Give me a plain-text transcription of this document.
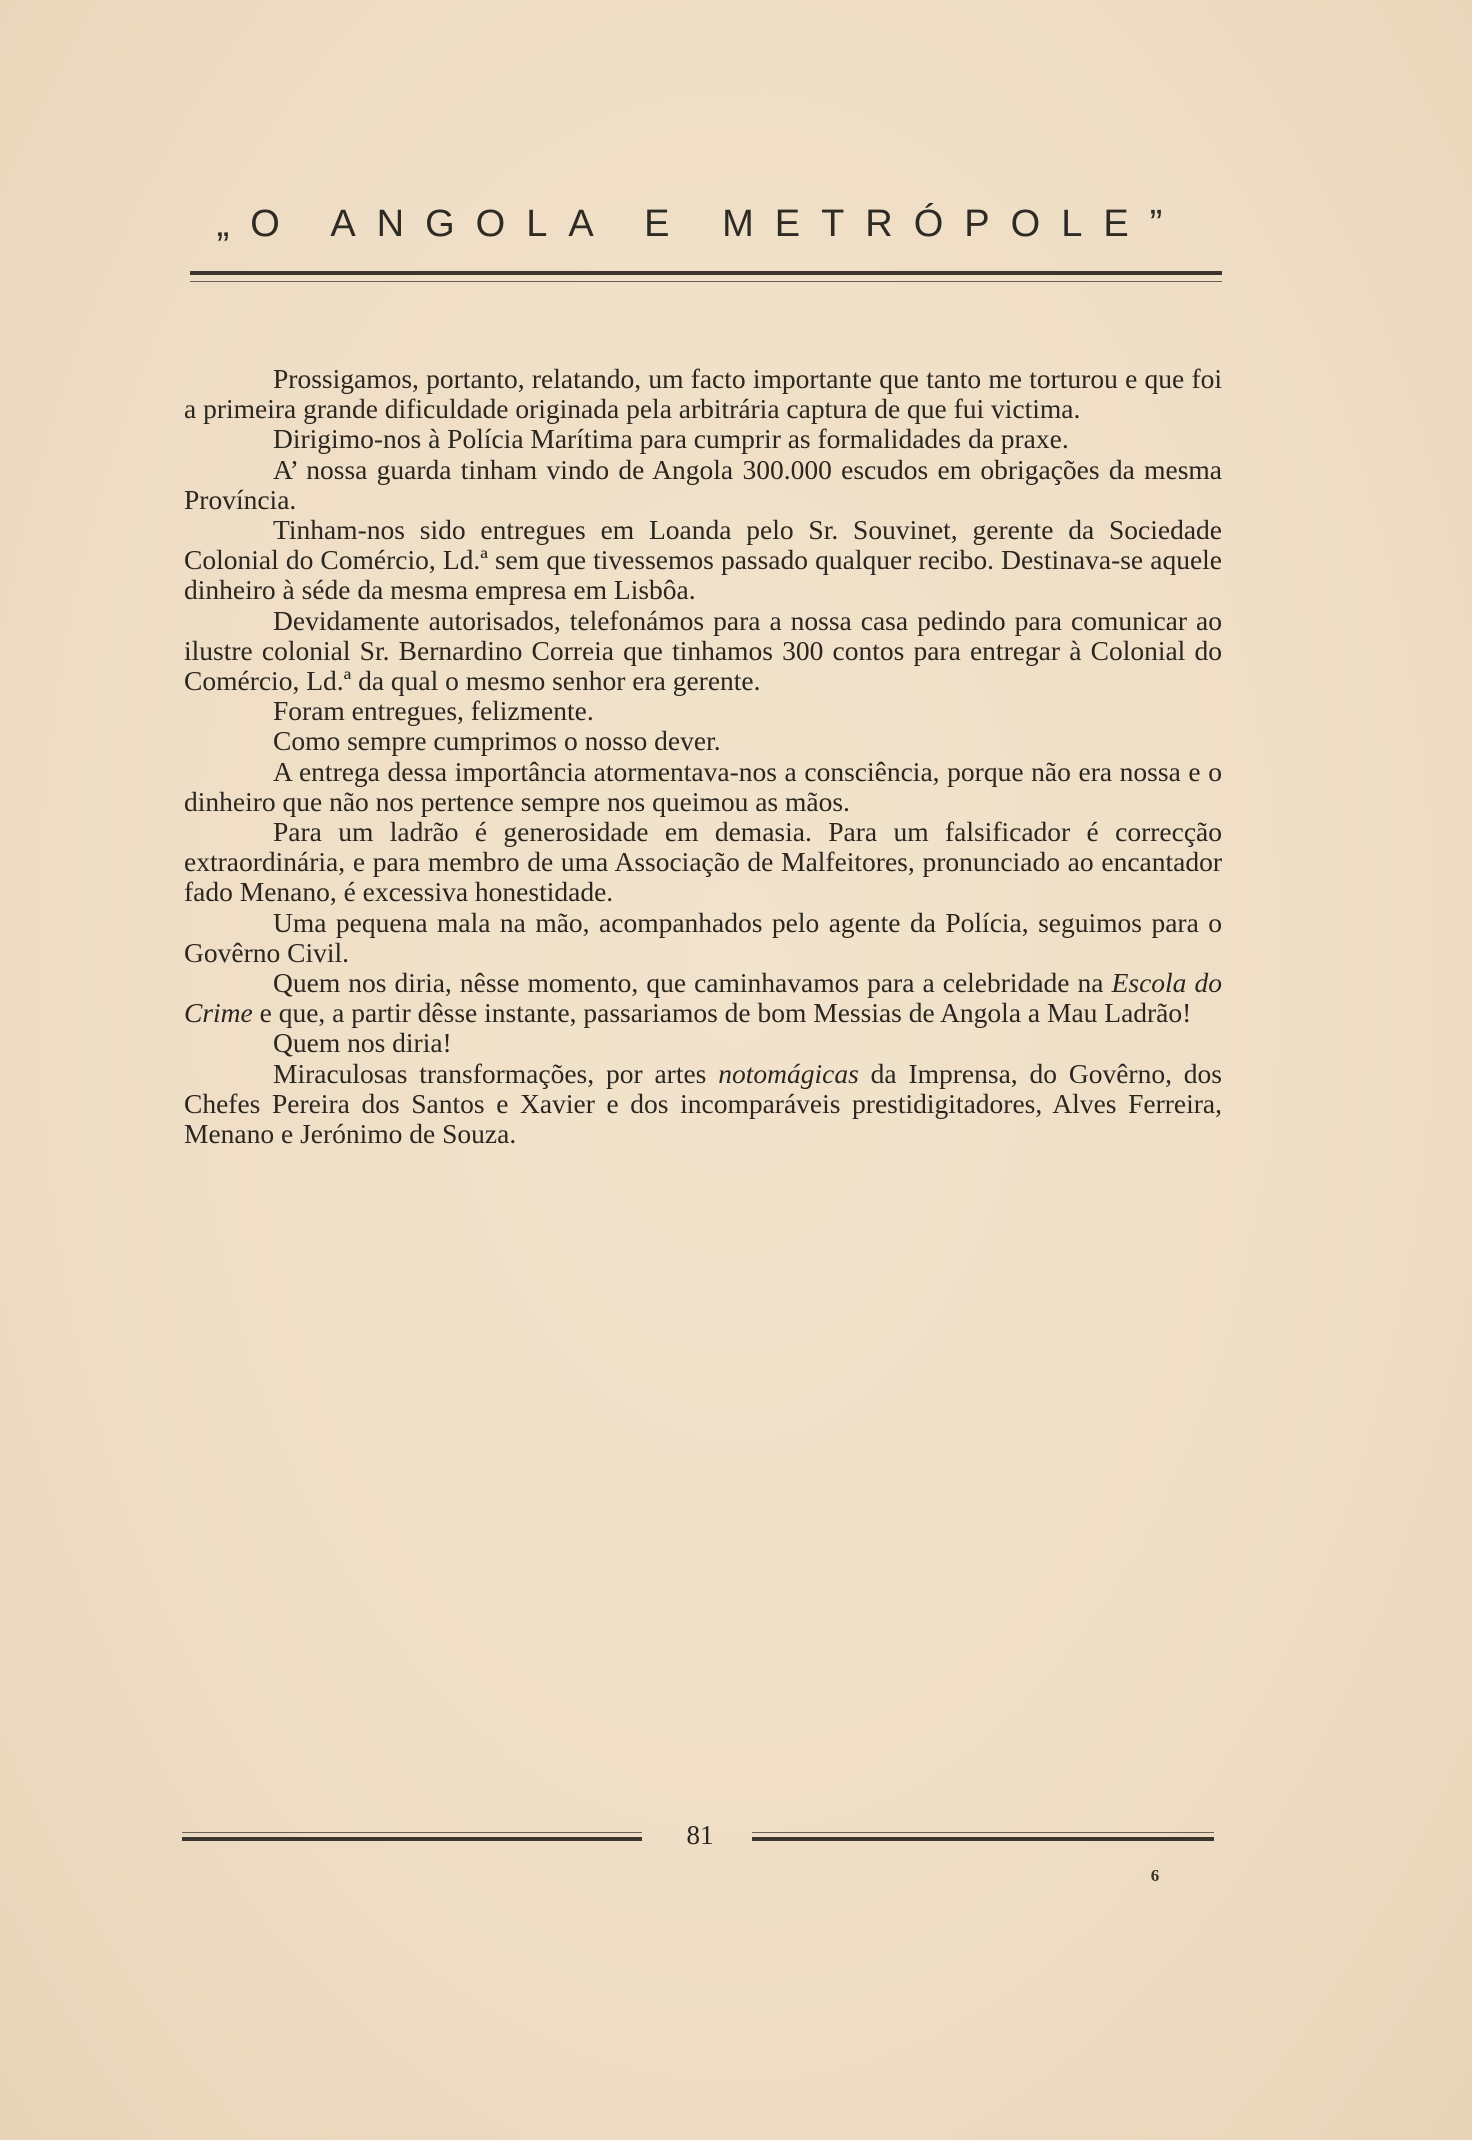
„O ANGOLA E METRÓPOLE”

Prossigamos, portanto, relatando, um facto importante que tanto me torturou e que foi a primeira grande dificuldade originada pela arbitrária captura de que fui victima.

Dirigimo-nos à Polícia Marítima para cumprir as formalidades da praxe.

A’ nossa guarda tinham vindo de Angola 300.000 escudos em obrigações da mesma Província.

Tinham-nos sido entregues em Loanda pelo Sr. Souvinet, gerente da Sociedade Colonial do Comércio, Ld.ª sem que tivessemos passado qualquer recibo. Destinava-se aquele dinheiro à séde da mesma empresa em Lisbôa.

Devidamente autorisados, telefonámos para a nossa casa pedindo para comunicar ao ilustre colonial Sr. Bernardino Correia que tinhamos 300 contos para entregar à Colonial do Comércio, Ld.ª da qual o mesmo senhor era gerente.

Foram entregues, felizmente.

Como sempre cumprimos o nosso dever.

A entrega dessa importância atormentava-nos a consciência, porque não era nossa e o dinheiro que não nos pertence sempre nos queimou as mãos.

Para um ladrão é generosidade em demasia. Para um falsificador é correcção extraordinária, e para membro de uma Associação de Malfeitores, pronunciado ao encantador fado Menano, é excessiva honestidade.

Uma pequena mala na mão, acompanhados pelo agente da Polícia, seguimos para o Govêrno Civil.

Quem nos diria, nêsse momento, que caminhavamos para a celebridade na Escola do Crime e que, a partir dêsse instante, passariamos de bom Messias de Angola a Mau Ladrão!

Quem nos diria!

Miraculosas transformações, por artes notomágicas da Imprensa, do Govêrno, dos Chefes Pereira dos Santos e Xavier e dos incomparáveis prestidigitadores, Alves Ferreira, Menano e Jerónimo de Souza.

81
6
